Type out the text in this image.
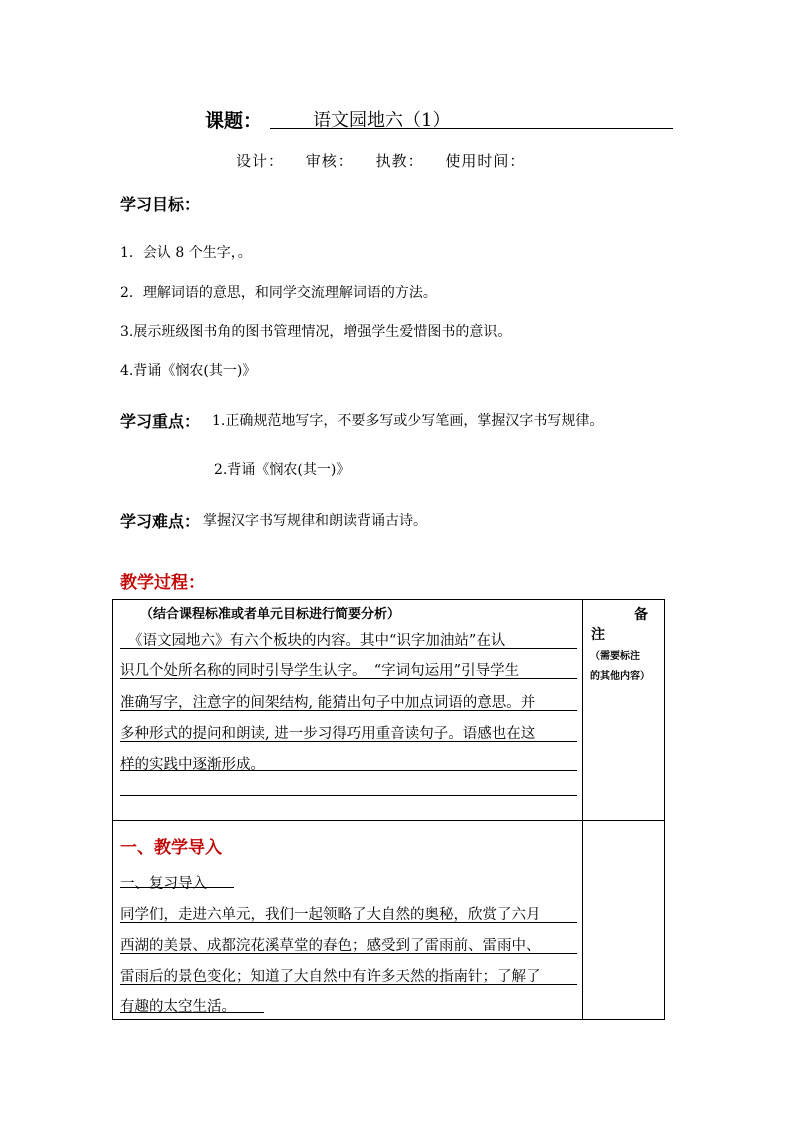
课题：	语文园地六（1）
设计： 审核： 执教： 使用时间：
学习目标：
1．会认 8 个生字，。
2．理解词语的意思，和同学交流理解词语的方法。
3.展示班级图书角的图书管理情况，增强学生爱惜图书的意识。
4.背诵《悯农(其一)》
学习重点： 1.正确规范地写字，不要多写或少写笔画，掌握汉字书写规律。
2.背诵《悯农(其一)》
学习难点： 掌握汉字书写规律和朗读背诵古诗。
教学过程：
（结合课程标准或者单元目标进行简要分析）
《语文园地六》有六个板块的内容。其中“识字加油站”在认
识几个处所名称的同时引导学生认字。　“字词句运用”引导学生
准确写字，注意字的间架结构, 能猜出句子中加点词语的意思。并
多种形式的提问和朗读, 进一步习得巧用重音读句子。语感也在这
样的实践中逐渐形成。
备
注
（需要标注
的其他内容）
一、教学导入
一、复习导入
同学们，走进六单元，我们一起领略了大自然的奥秘，欣赏了六月
西湖的美景、成都浣花溪草堂的春色；感受到了雷雨前、雷雨中、
雷雨后的景色变化；知道了大自然中有许多天然的指南针；了解了
有趣的太空生活。
